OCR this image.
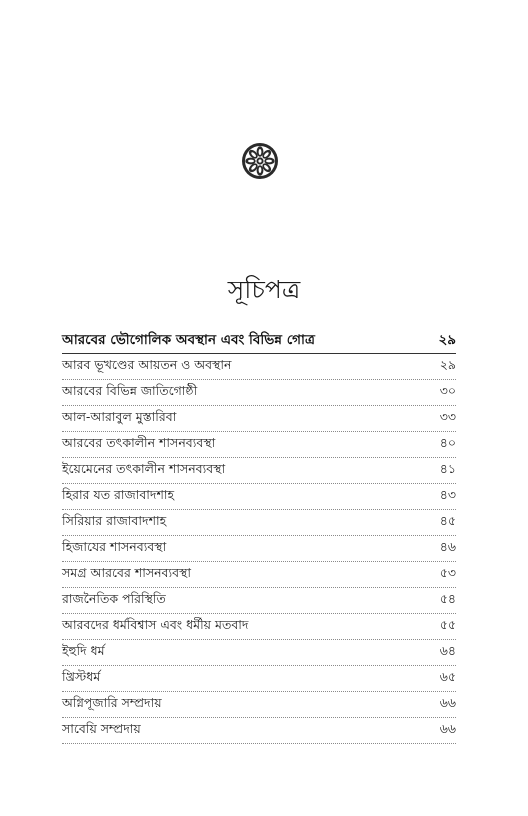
সূচিপত্র
আরবের ভৌগোলিক অবস্থান এবং বিভিন্ন গোত্র	২৯
আরব ভূখণ্ডের আয়তন ও অবস্থান	২৯
আরবের বিভিন্ন জাতিগোষ্ঠী	৩০
আল-আরাবুল মুস্তারিবা	৩৩
আরবের তৎকালীন শাসনব্যবস্থা	৪০
ইয়েমেনের তৎকালীন শাসনব্যবস্থা	৪১
হিরার যত রাজাবাদশাহ	৪৩
সিরিয়ার রাজাবাদশাহ	৪৫
হিজাযের শাসনব্যবস্থা	৪৬
সমগ্র আরবের শাসনব্যবস্থা	৫৩
রাজনৈতিক পরিস্থিতি	৫৪
আরবদের ধর্মবিশ্বাস এবং ধর্মীয় মতবাদ	৫৫
ইহুদি ধর্ম	৬৪
খ্রিস্টধর্ম	৬৫
অগ্নিপূজারি সম্প্রদায়	৬৬
সাবেয়ি সম্প্রদায়	৬৬
